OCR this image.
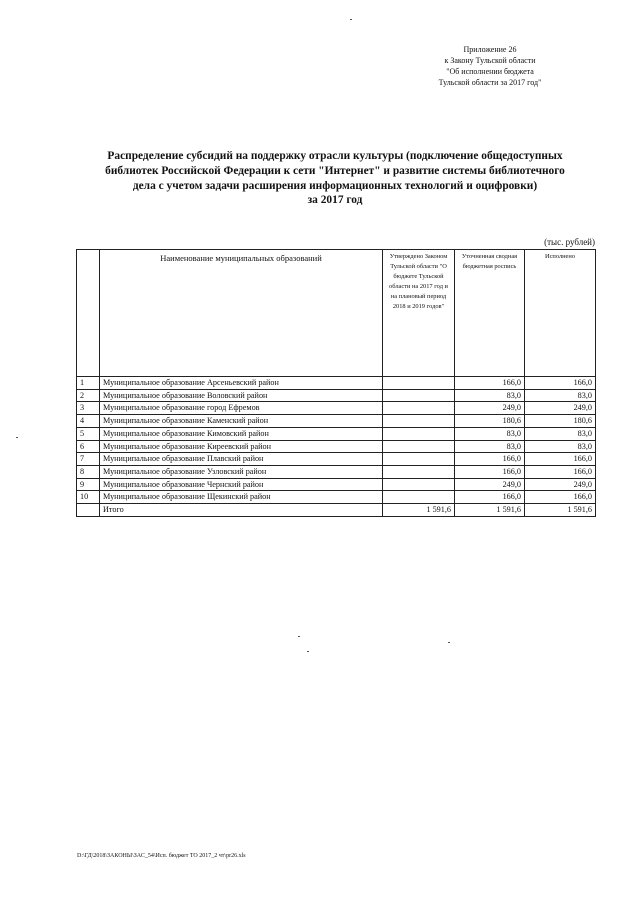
Приложение 26
к Закону Тульской области
"Об исполнении бюджета
Тульской области за 2017 год"
Распределение субсидий на поддержку отрасли культуры (подключение общедоступных
библиотек Российской Федерации к сети "Интернет" и развитие системы библиотечного
дела с учетом задачи расширения информационных технологий и оцифровки)
за 2017 год
(тыс. рублей)
	Наименование муниципальных образований	Утверждено Законом Тульской области "О бюджете Тульской области на 2017 год и на плановый период 2018 и 2019 годов"	Уточненная сводная бюджетная роспись	Исполнено
1	Муниципальное образование Арсеньевский район		166,0	166,0
2	Муниципальное образование Воловский район		83,0	83,0
3	Муниципальное образование город Ефремов		249,0	249,0
4	Муниципальное образование Каменский район		180,6	180,6
5	Муниципальное образование Кимовский район		83,0	83,0
6	Муниципальное образование Киреевский район		83,0	83,0
7	Муниципальное образование Плавский район		166,0	166,0
8	Муниципальное образование Узловский район		166,0	166,0
9	Муниципальное образование Чернский район		249,0	249,0
10	Муниципальное образование Щекинский район		166,0	166,0
	Итого	1 591,6	1 591,6	1 591,6
D:\ГД\2018\ЗАКОНЫ\ЗАС_54\Исп. бюджет ТО 2017_2 чт\pr26.xls
